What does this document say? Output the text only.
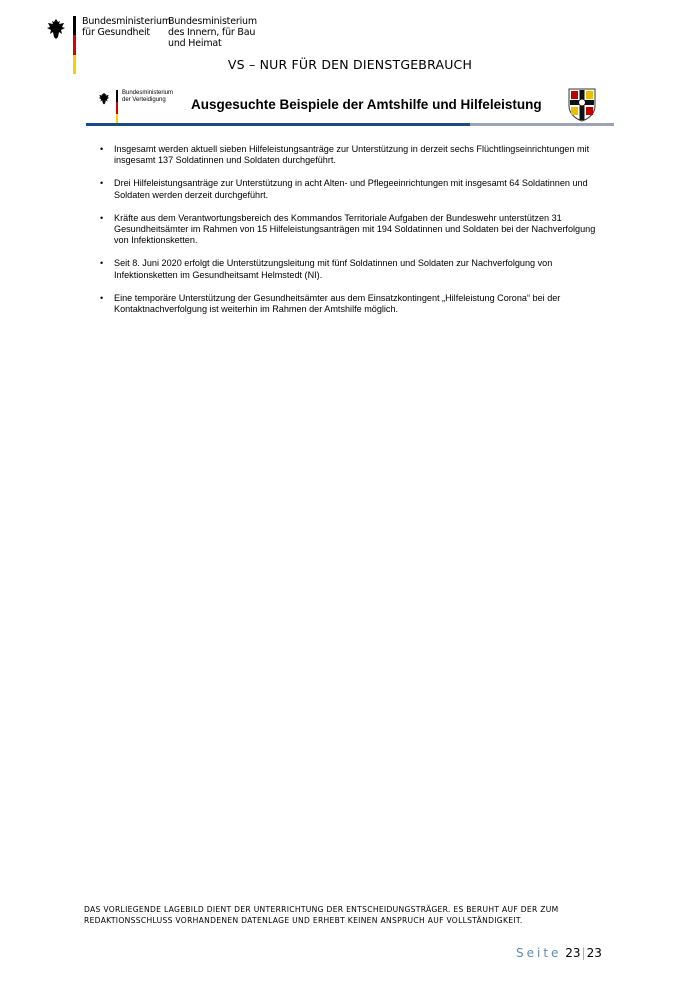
Bundesministerium
für Gesundheit
Bundesministerium
des Innern, für Bau
und Heimat
VS – NUR FÜR DEN DIENSTGEBRAUCH
Bundesministerium
der Verteidigung	Ausgesuchte Beispiele der Amtshilfe und Hilfeleistung
• Insgesamt werden aktuell sieben Hilfeleistungsanträge zur Unterstützung in derzeit sechs Flüchtlingseinrichtungen mit insgesamt 137 Soldatinnen und Soldaten durchgeführt.
• Drei Hilfeleistungsanträge zur Unterstützung in acht Alten- und Pflegeeinrichtungen mit insgesamt 64 Soldatinnen und Soldaten werden derzeit durchgeführt.
• Kräfte aus dem Verantwortungsbereich des Kommandos Territoriale Aufgaben der Bundeswehr unterstützen 31 Gesundheitsämter im Rahmen von 15 Hilfeleistungsanträgen mit 194 Soldatinnen und Soldaten bei der Nachverfolgung von Infektionsketten.
• Seit 8. Juni 2020 erfolgt die Unterstützungsleitung mit fünf Soldatinnen und Soldaten zur Nachverfolgung von Infektionsketten im Gesundheitsamt Helmstedt (NI).
• Eine temporäre Unterstützung der Gesundheitsämter aus dem Einsatzkontingent „Hilfeleistung Corona“ bei der Kontaktnachverfolgung ist weiterhin im Rahmen der Amtshilfe möglich.
DAS VORLIEGENDE LAGEBILD DIENT DER UNTERRICHTUNG DER ENTSCHEIDUNGSTRÄGER. ES BERUHT AUF DER ZUM
REDAKTIONSSCHLUSS VORHANDENEN DATENLAGE UND ERHEBT KEINEN ANSPRUCH AUF VOLLSTÄNDIGKEIT.
Seite 23|23
